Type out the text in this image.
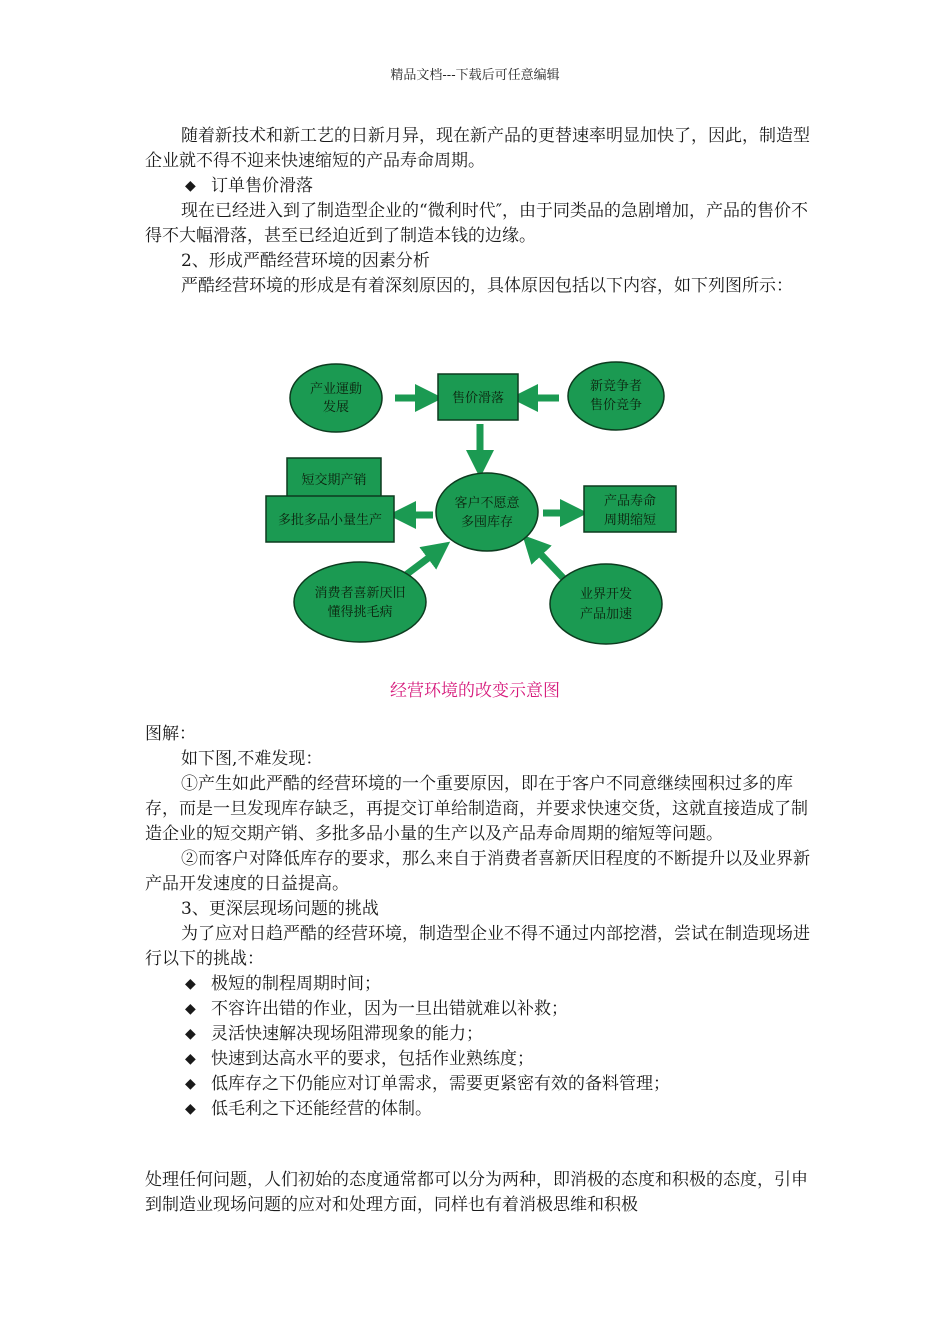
精品文档---下载后可任意编辑

随着新技术和新工艺的日新月异，现在新产品的更替速率明显加快了，因此，制造型企业就不得不迎来快速缩短的产品寿命周期。

◆ 订单售价滑落

现在已经进入到了制造型企业的“微利时代″，由于同类品的急剧增加，产品的售价不得不大幅滑落，甚至已经迫近到了制造本钱的边缘。

2、形成严酷经营环境的因素分析

严酷经营环境的形成是有着深刻原因的，具体原因包括以下内容，如下列图所示：

产业運動
发展
售价滑落
新竞争者
售价竞争
短交期产销
多批多品小量生产
客户不愿意
多囤库存
产品寿命
周期缩短
消费者喜新厌旧
懂得挑毛病
业界开发
产品加速
经营环境的改变示意图

图解：

如下图,不难发现：

①产生如此严酷的经营环境的一个重要原因，即在于客户不同意继续囤积过多的库存，而是一旦发现库存缺乏，再提交订单给制造商，并要求快速交货，这就直接造成了制造企业的短交期产销、多批多品小量的生产以及产品寿命周期的缩短等问题。

②而客户对降低库存的要求，那么来自于消费者喜新厌旧程度的不断提升以及业界新产品开发速度的日益提高。

3、更深层现场问题的挑战

为了应对日趋严酷的经营环境，制造型企业不得不通过内部挖潜，尝试在制造现场进行以下的挑战：

◆ 极短的制程周期时间；

◆ 不容许出错的作业，因为一旦出错就难以补救；

◆ 灵活快速解决现场阻滞现象的能力；

◆ 快速到达高水平的要求，包括作业熟练度；

◆ 低库存之下仍能应对订单需求，需要更紧密有效的备料管理；

◆ 低毛利之下还能经营的体制。

处理任何问题，人们初始的态度通常都可以分为两种，即消极的态度和积极的态度，引申到制造业现场问题的应对和处理方面，同样也有着消极思维和积极
